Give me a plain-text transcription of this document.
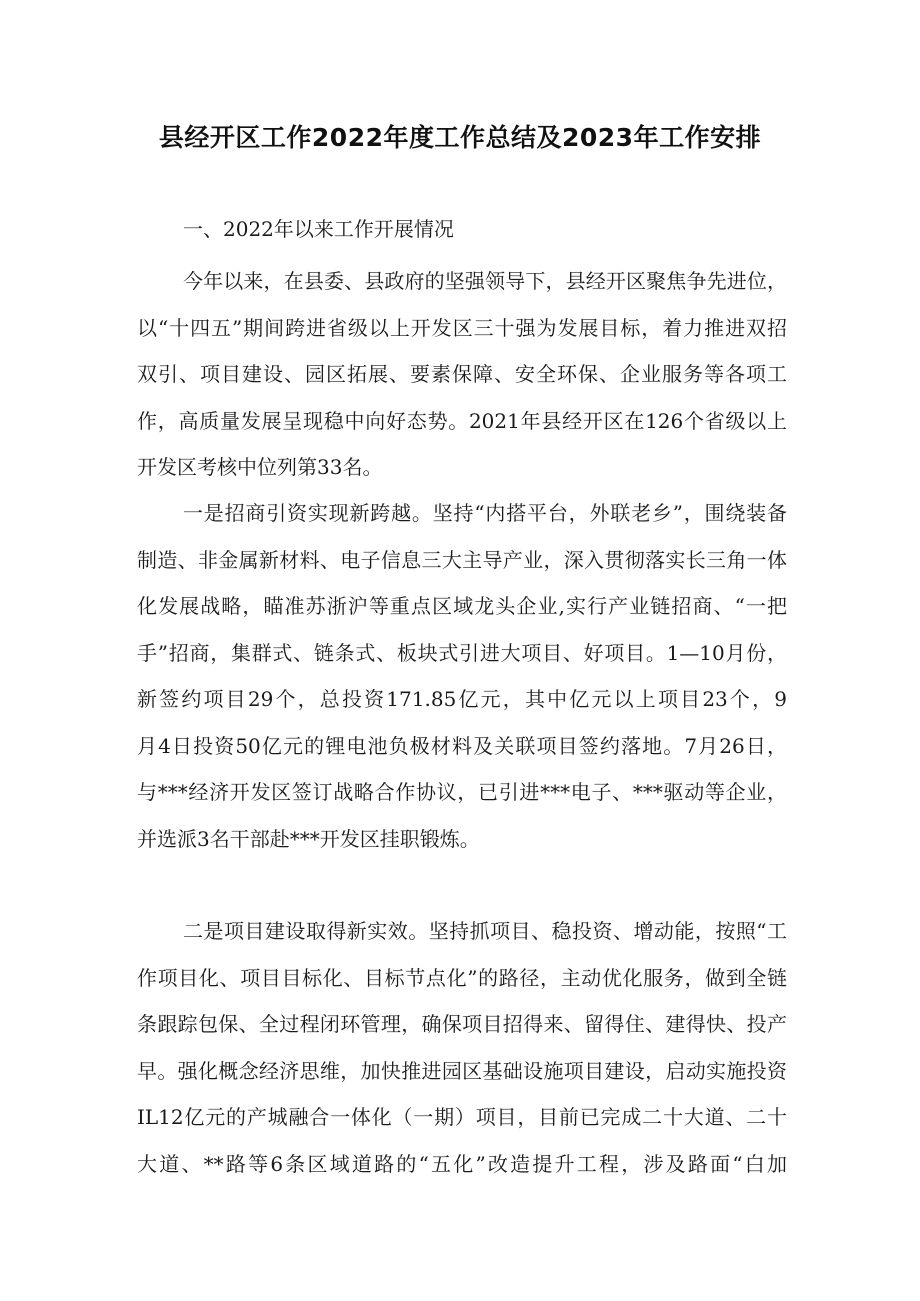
县经开区工作2022年度工作总结及2023年工作安排
一、2022年以来工作开展情况
今年以来，在县委、县政府的坚强领导下，县经开区聚焦争先进位，
以“十四五”期间跨进省级以上开发区三十强为发展目标，着力推进双招
双引、项目建设、园区拓展、要素保障、安全环保、企业服务等各项工
作，高质量发展呈现稳中向好态势。2021年县经开区在126个省级以上
开发区考核中位列第33名。
一是招商引资实现新跨越。坚持“内搭平台，外联老乡”，围绕装备
制造、非金属新材料、电子信息三大主导产业，深入贯彻落实长三角一体
化发展战略，瞄准苏浙沪等重点区域龙头企业,实行产业链招商、“一把
手”招商，集群式、链条式、板块式引进大项目、好项目。1—10月份，
新签约项目29个，总投资171.85亿元，其中亿元以上项目23个，9
月4日投资50亿元的锂电池负极材料及关联项目签约落地。7月26日，
与***经济开发区签订战略合作协议，已引进***电子、***驱动等企业，
并选派3名干部赴***开发区挂职锻炼。
二是项目建设取得新实效。坚持抓项目、稳投资、增动能，按照“工
作项目化、项目目标化、目标节点化”的路径，主动优化服务，做到全链
条跟踪包保、全过程闭环管理，确保项目招得来、留得住、建得快、投产
早。强化概念经济思维，加快推进园区基础设施项目建设，启动实施投资
IL12亿元的产城融合一体化（一期）项目，目前已完成二十大道、二十
大道、**路等6条区域道路的“五化”改造提升工程，涉及路面“白加
